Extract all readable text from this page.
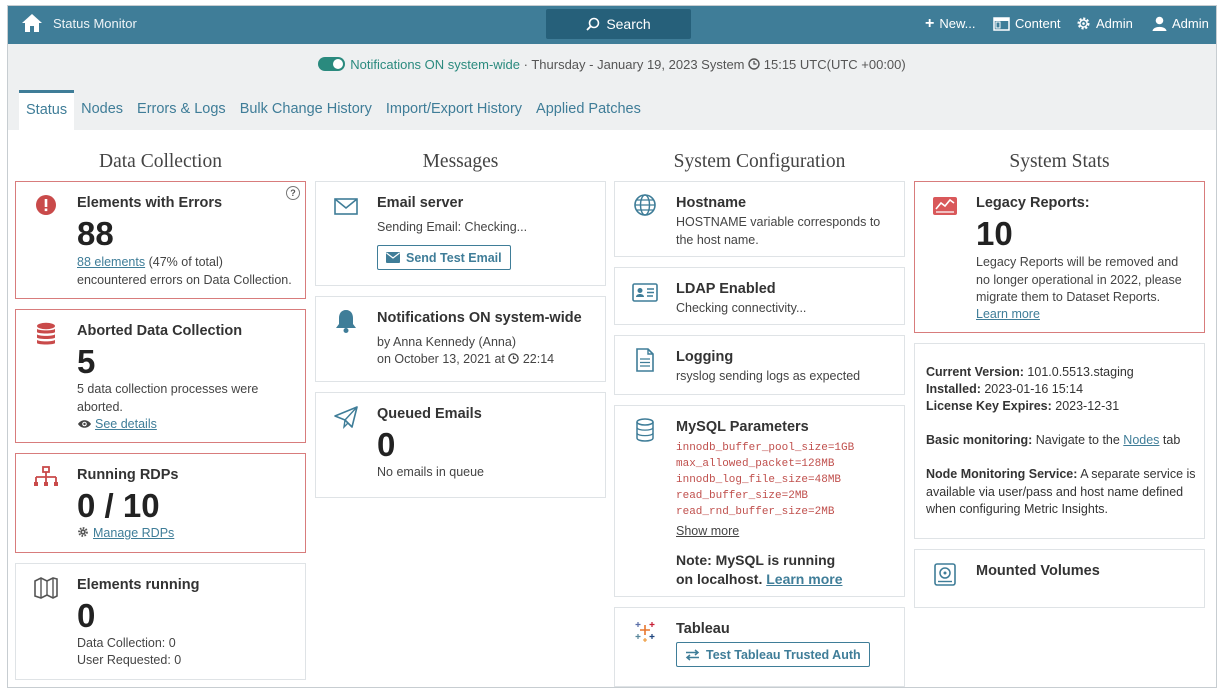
Status Monitor	Search	+ New...	Content	Admin	Admin
Notifications ON system-wide · Thursday - January 19, 2023 System  15:15 UTC(UTC +00:00)
Status Nodes Errors & Logs Bulk Change History Import/Export History Applied Patches
Data Collection
?
Elements with Errors
88
88 elements (47% of total)
encountered errors on Data Collection.
Aborted Data Collection
5
5 data collection processes were aborted.
See details
Running RDPs
0 / 10
Manage RDPs
Elements running
0
Data Collection: 0
User Requested: 0
Messages
Email server
Sending Email: Checking...
Send Test Email
Notifications ON system-wide
by Anna Kennedy (Anna)
on October 13, 2021 at  22:14
Queued Emails
0
No emails in queue
System Configuration
Hostname
HOSTNAME variable corresponds to the host name.
LDAP Enabled
Checking connectivity...
Logging
rsyslog sending logs as expected
MySQL Parameters
innodb_buffer_pool_size=1GB
max_allowed_packet=128MB
innodb_log_file_size=48MB
read_buffer_size=2MB
read_rnd_buffer_size=2MB
Show more
Note: MySQL is running
on localhost. Learn more
Tableau
Test Tableau Trusted Auth
System Stats
Legacy Reports:
10
Legacy Reports will be removed and no longer operational in 2022, please migrate them to Dataset Reports.
Learn more
Current Version: 101.0.5513.staging
Installed: 2023-01-16 15:14
License Key Expires: 2023-12-31
Basic monitoring: Navigate to the Nodes tab
Node Monitoring Service: A separate service is available via user/pass and host name defined when configuring Metric Insights.
Mounted Volumes
